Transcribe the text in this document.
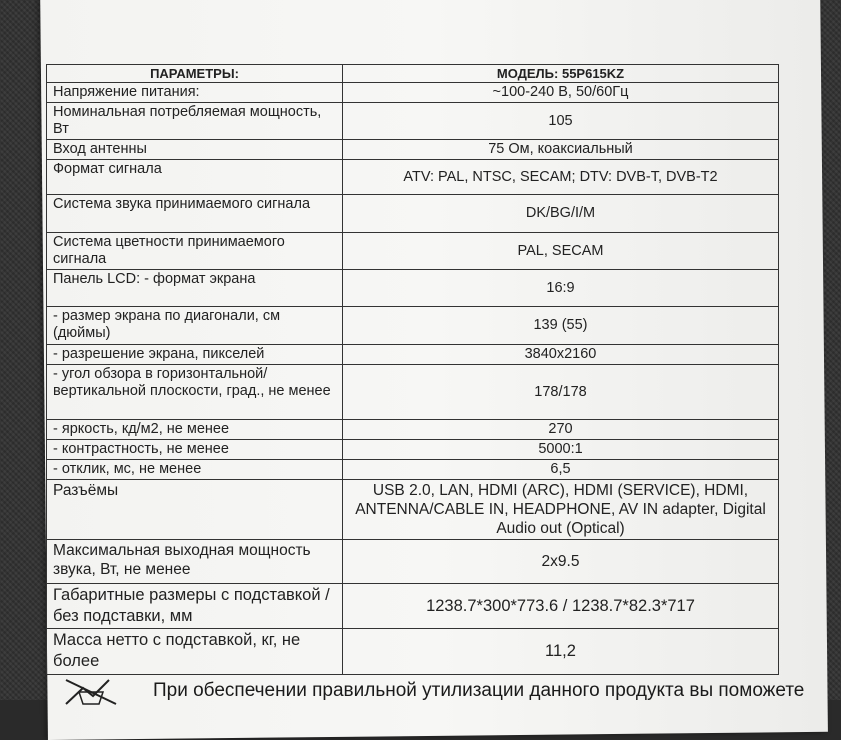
ПАРАМЕТРЫ:	МОДЕЛЬ: 55P615KZ
Напряжение питания:	~100-240 В, 50/60Гц
Номинальная потребляемая мощность, Вт	105
Вход антенны	75 Ом, коаксиальный
Формат сигнала	ATV: PAL, NTSC, SECAM; DTV: DVB-T, DVB-T2
Система звука принимаемого сигнала	DK/BG/I/M
Система цветности принимаемого сигнала	PAL, SECAM
Панель LCD: - формат экрана	16:9
- размер экрана по диагонали, см (дюймы)	139 (55)
- разрешение экрана, пикселей	3840x2160
- угол обзора в горизонтальной/вертикальной плоскости, град., не менее	178/178
- яркость, кд/м2, не менее	270
- контрастность, не менее	5000:1
- отклик, мс, не менее	6,5
Разъёмы	USB 2.0, LAN, HDMI (ARC), HDMI (SERVICE), HDMI, ANTENNA/CABLE IN, HEADPHONE, AV IN adapter, Digital Audio out (Optical)
Максимальная выходная мощность звука, Вт, не менее	2x9.5
Габаритные размеры с подставкой / без подставки, мм	1238.7*300*773.6 / 1238.7*82.3*717
Масса нетто с подставкой, кг, не более	11,2
При обеспечении правильной утилизации данного продукта вы поможете
